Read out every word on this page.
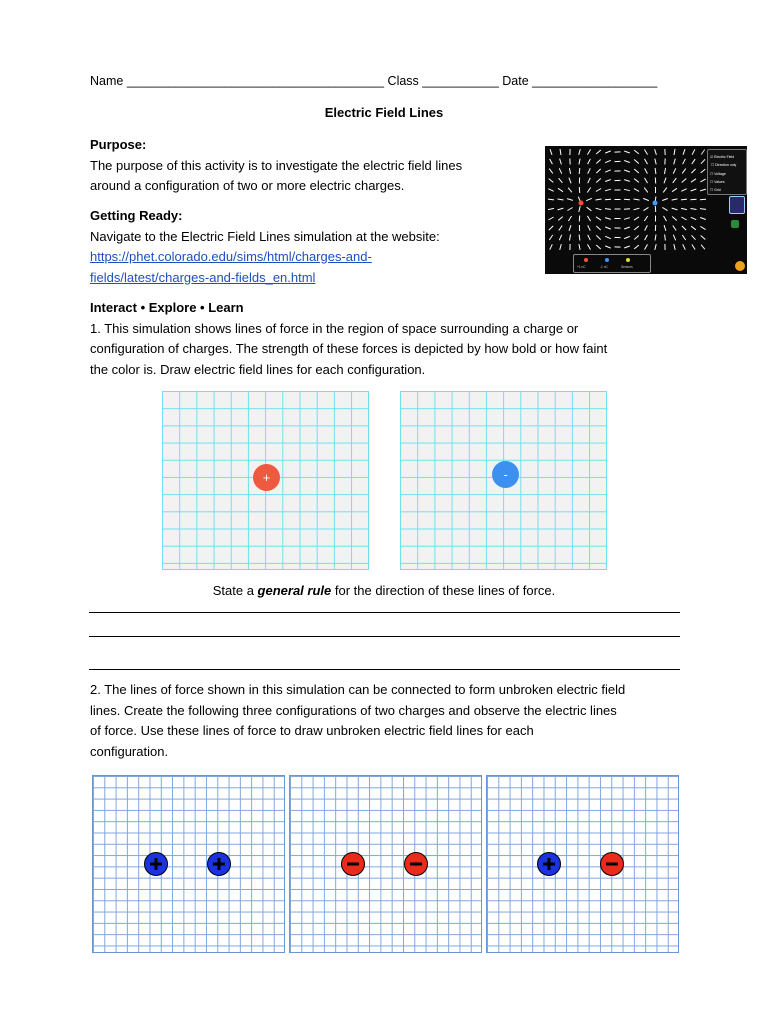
Name _____________________________________ Class ___________ Date __________________
Electric Field Lines
Purpose:
The purpose of this activity is to investigate the electric field lines
around a configuration of two or more electric charges.
Getting Ready:
Navigate to the Electric Field Lines simulation at the website:
https://phet.colorado.edu/sims/html/charges-and-
fields/latest/charges-and-fields_en.html
☑ Electric Field
☐ Direction only
☐ Voltage
☐ Values
☐ Grid
+1 nC	-1 nC	Sensors
Interact • Explore • Learn
1. This simulation shows lines of force in the region of space surrounding a charge or
configuration of charges. The strength of these forces is depicted by how bold or how faint
the color is. Draw electric field lines for each configuration.
+	-
State a general rule for the direction of these lines of force.
2. The lines of force shown in this simulation can be connected to form unbroken electric field
lines. Create the following three configurations of two charges and observe the electric lines
of force. Use these lines of force to draw unbroken electric field lines for each
configuration.
